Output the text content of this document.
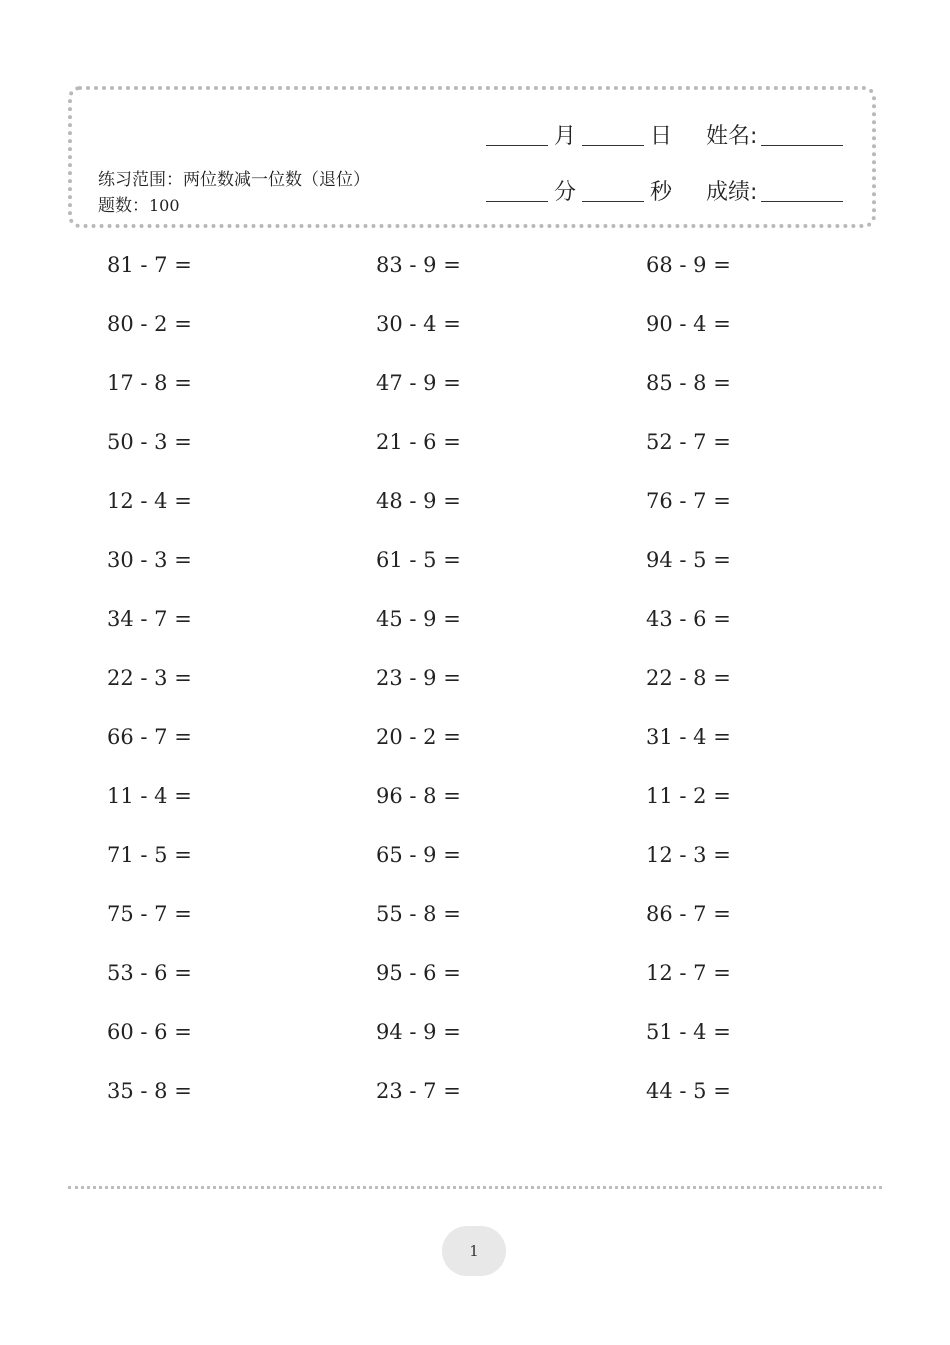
练习范围：两位数减一位数（退位） 题数：100
月	日 姓名:
分	秒 成绩:
81 - 7 =	83 - 9 =	68 - 9 =
80 - 2 =	30 - 4 =	90 - 4 =
17 - 8 =	47 - 9 =	85 - 8 =
50 - 3 =	21 - 6 =	52 - 7 =
12 - 4 =	48 - 9 =	76 - 7 =
30 - 3 =	61 - 5 =	94 - 5 =
34 - 7 =	45 - 9 =	43 - 6 =
22 - 3 =	23 - 9 =	22 - 8 =
66 - 7 =	20 - 2 =	31 - 4 =
11 - 4 =	96 - 8 =	11 - 2 =
71 - 5 =	65 - 9 =	12 - 3 =
75 - 7 =	55 - 8 =	86 - 7 =
53 - 6 =	95 - 6 =	12 - 7 =
60 - 6 =	94 - 9 =	51 - 4 =
35 - 8 =	23 - 7 =	44 - 5 =
1
